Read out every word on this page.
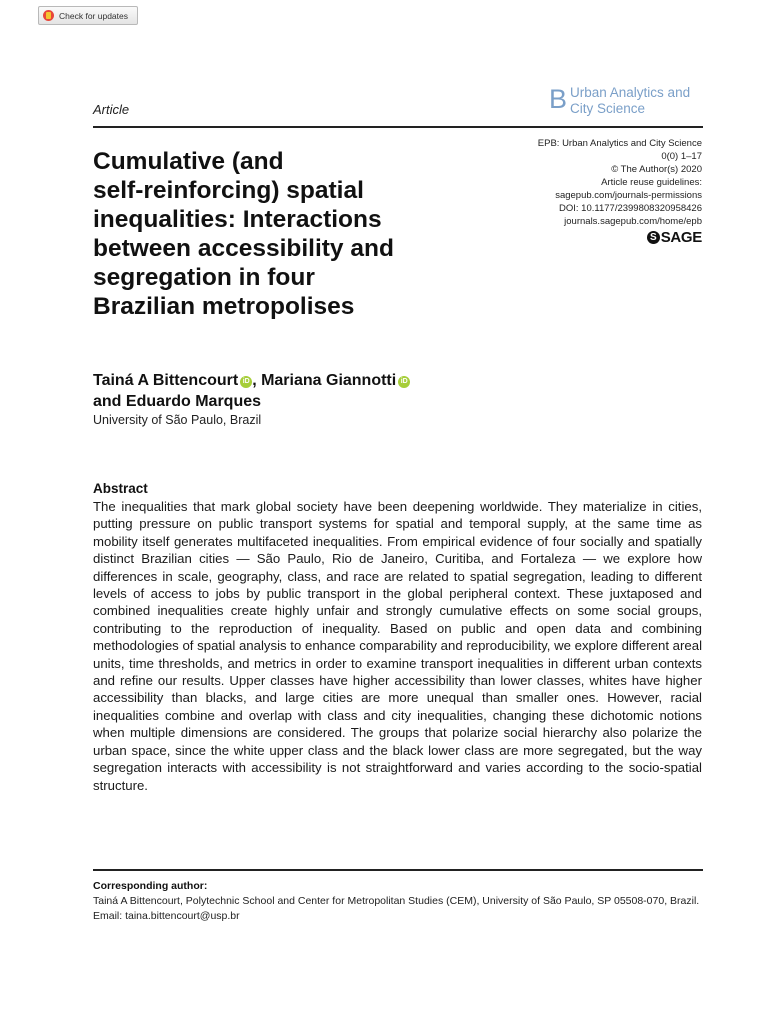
Check for updates
Article	B Urban Analytics and
City Science
EPB: Urban Analytics and City Science
0(0) 1–17
© The Author(s) 2020
Article reuse guidelines:
sagepub.com/journals-permissions
DOI: 10.1177/2399808320958426
journals.sagepub.com/home/epb
S SAGE
Cumulative (and
self-reinforcing) spatial
inequalities: Interactions
between accessibility and
segregation in four
Brazilian metropolises
Tainá A Bittencourt iD , Mariana Giannotti iD
and Eduardo Marques
University of São Paulo, Brazil
Abstract
The inequalities that mark global society have been deepening worldwide. They materialize in cities, putting pressure on public transport systems for spatial and temporal supply, at the same time as mobility itself generates multifaceted inequalities. From empirical evidence of four socially and spatially distinct Brazilian cities — São Paulo, Rio de Janeiro, Curitiba, and Fortaleza — we explore how differences in scale, geography, class, and race are related to spatial segregation, leading to different levels of access to jobs by public transport in the global peripheral context. These juxtaposed and combined inequalities create highly unfair and strongly cumulative effects on some social groups, contributing to the reproduction of inequality. Based on public and open data and combining methodologies of spatial analysis to enhance comparability and reproducibility, we explore different areal units, time thresholds, and metrics in order to examine transport inequalities in different urban contexts and refine our results. Upper classes have higher accessibility than lower classes, whites have higher accessibility than blacks, and large cities are more unequal than smaller ones. However, racial inequalities combine and overlap with class and city inequalities, changing these dichotomic notions when multiple dimensions are considered. The groups that polarize social hierarchy also polarize the urban space, since the white upper class and the black lower class are more segregated, but the way segregation interacts with accessibility is not straightforward and varies according to the socio-spatial structure.
Corresponding author:
Tainá A Bittencourt, Polytechnic School and Center for Metropolitan Studies (CEM), University of São Paulo, SP 05508-070, Brazil.
Email: taina.bittencourt@usp.br
